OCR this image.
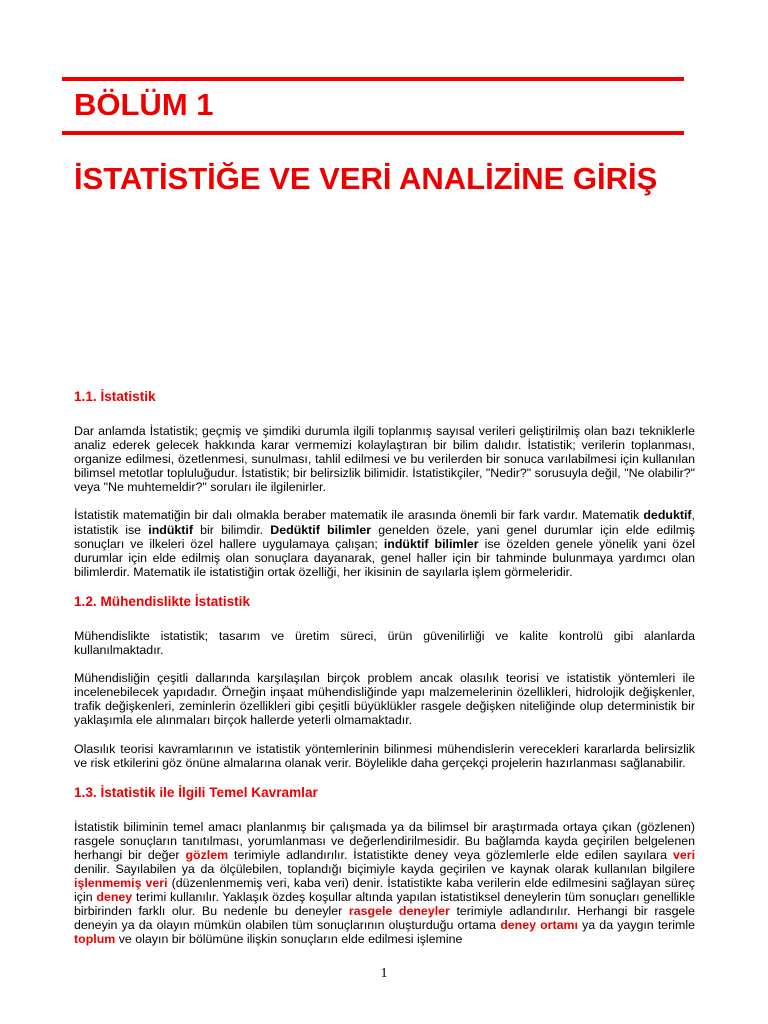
BÖLÜM 1
İSTATİSTİĞE VE VERİ ANALİZİNE GİRİŞ
1.1. İstatistik

Dar anlamda İstatistik; geçmiş ve şimdiki durumla ilgili toplanmış sayısal verileri geliştirilmiş olan bazı tekniklerle analiz ederek gelecek hakkında karar vermemizi kolaylaştıran bir bilim dalıdır. İstatistik; verilerin toplanması, organize edilmesi, özetlenmesi, sunulması, tahlil edilmesi ve bu verilerden bir sonuca varılabilmesi için kullanılan bilimsel metotlar topluluğudur. İstatistik; bir belirsizlik bilimidir. İstatistikçiler, "Nedir?" sorusuyla değil, "Ne olabilir?" veya "Ne muhtemeldir?" soruları ile ilgilenirler.

İstatistik matematiğin bir dalı olmakla beraber matematik ile arasında önemli bir fark vardır. Matematik deduktif, istatistik ise indüktif bir bilimdir. Dedüktif bilimler genelden özele, yani genel durumlar için elde edilmiş sonuçları ve ilkeleri özel hallere uygulamaya çalışan; indüktif bilimler ise özelden genele yönelik yani özel durumlar için elde edilmiş olan sonuçlara dayanarak, genel haller için bir tahminde bulunmaya yardımcı olan bilimlerdir. Matematik ile istatistiğin ortak özelliği, her ikisinin de sayılarla işlem görmeleridir.

1.2. Mühendislikte İstatistik

Mühendislikte istatistik; tasarım ve üretim süreci, ürün güvenilirliği ve kalite kontrolü gibi alanlarda kullanılmaktadır.

Mühendisliğin çeşitli dallarında karşılaşılan birçok problem ancak olasılık teorisi ve istatistik yöntemleri ile incelenebilecek yapıdadır. Örneğin inşaat mühendisliğinde yapı malzemelerinin özellikleri, hidrolojik değişkenler, trafik değişkenleri, zeminlerin özellikleri gibi çeşitli büyüklükler rasgele değişken niteliğinde olup deterministik bir yaklaşımla ele alınmaları birçok hallerde yeterli olmamaktadır.

Olasılık teorisi kavramlarının ve istatistik yöntemlerinin bilinmesi mühendislerin verecekleri kararlarda belirsizlik ve risk etkilerini göz önüne almalarına olanak verir. Böylelikle daha gerçekçi projelerin hazırlanması sağlanabilir.

1.3. İstatistik ile İlgili Temel Kavramlar

İstatistik biliminin temel amacı planlanmış bir çalışmada ya da bilimsel bir araştırmada ortaya çıkan (gözlenen) rasgele sonuçların tanıtılması, yorumlanması ve değerlendirilmesidir. Bu bağlamda kayda geçirilen belgelenen herhangi bir değer gözlem terimiyle adlandırılır. İstatistikte deney veya gözlemlerle elde edilen sayılara veri denilir. Sayılabilen ya da ölçülebilen, toplandığı biçimiyle kayda geçirilen ve kaynak olarak kullanılan bilgilere işlenmemiş veri (düzenlenmemiş veri, kaba veri) denir. İstatistikte kaba verilerin elde edilmesini sağlayan süreç için deney terimi kullanılır. Yaklaşık özdeş koşullar altında yapılan istatistiksel deneylerin tüm sonuçları genellikle birbirinden farklı olur. Bu nedenle bu deneyler rasgele deneyler terimiyle adlandırılır. Herhangi bir rasgele deneyin ya da olayın mümkün olabilen tüm sonuçlarının oluşturduğu ortama deney ortamı ya da yaygın terimle toplum ve olayın bir bölümüne ilişkin sonuçların elde edilmesi işlemine

1
